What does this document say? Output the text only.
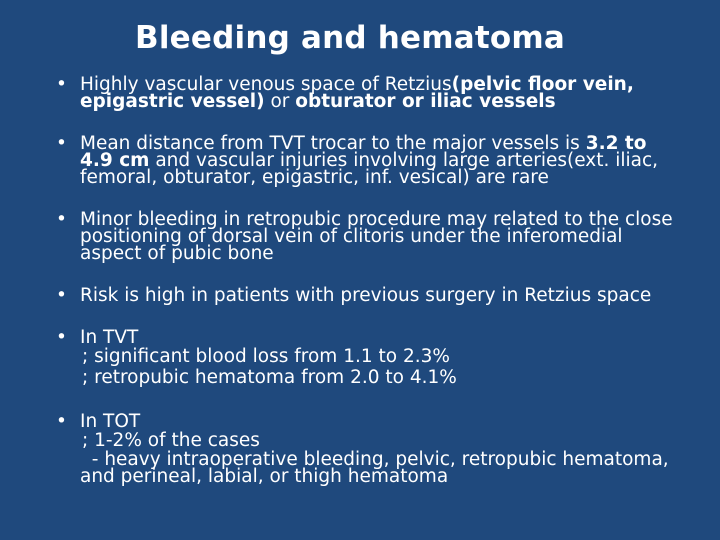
Bleeding and hematoma
• Highly vascular venous space of Retzius(pelvic floor vein, epigastric vessel) or obturator or iliac vessels
• Mean distance from TVT trocar to the major vessels is 3.2 to 4.9 cm and vascular injuries involving large arteries(ext. iliac, femoral, obturator, epigastric, inf. vesical) are rare
• Minor bleeding in retropubic procedure may related to the close positioning of dorsal vein of clitoris under the inferomedial aspect of pubic bone
• Risk is high in patients with previous surgery in Retzius space
• In TVT
; significant blood loss from 1.1 to 2.3%
; retropubic hematoma from 2.0 to 4.1%
• In TOT
; 1-2% of the cases
- heavy intraoperative bleeding, pelvic, retropubic hematoma, and perineal, labial, or thigh hematoma
